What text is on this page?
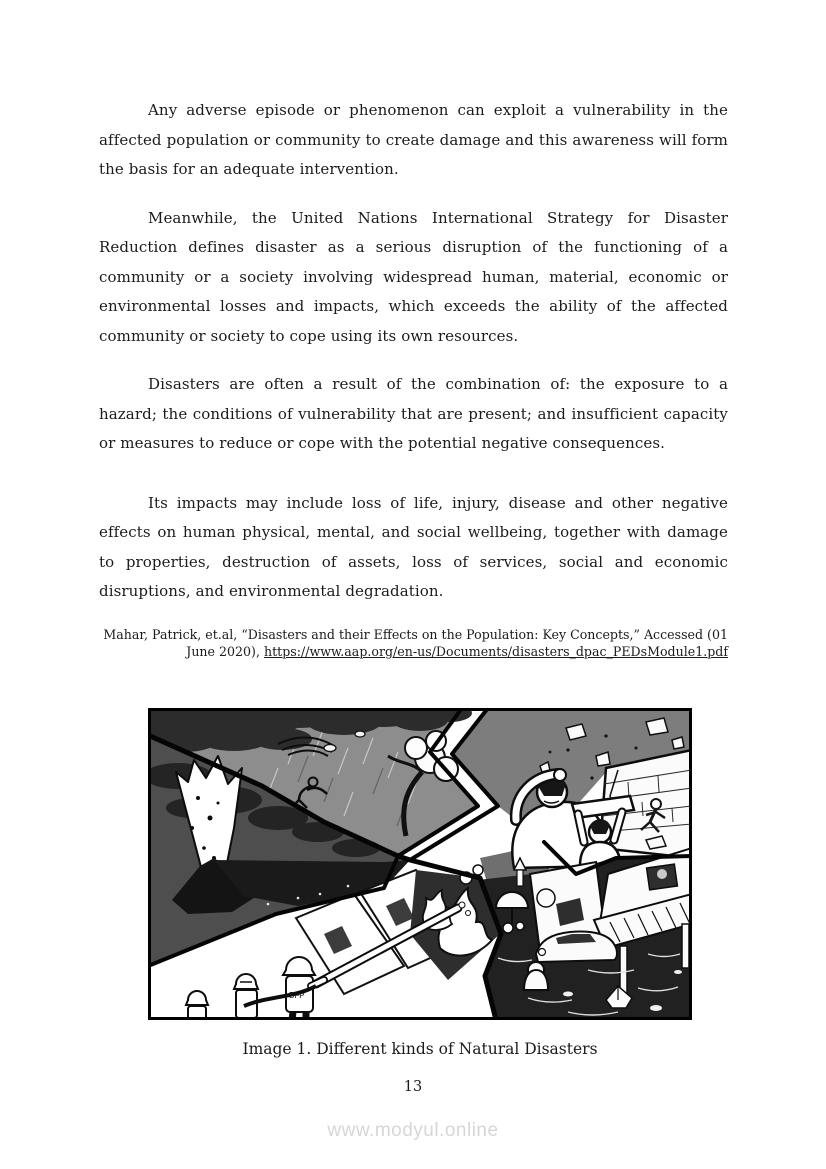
Any adverse episode or phenomenon can exploit a vulnerability in the affected population or community to create damage and this awareness will form the basis for an adequate intervention.

Meanwhile, the United Nations International Strategy for Disaster Reduction defines disaster as a serious disruption of the functioning of a community or a society involving widespread human, material, economic or environmental losses and impacts, which exceeds the ability of the affected community or society to cope using its own resources.

Disasters are often a result of the combination of: the exposure to a hazard; the conditions of vulnerability that are present; and insufficient capacity or measures to reduce or cope with the potential negative consequences.

Its impacts may include loss of life, injury, disease and other negative effects on human physical, mental, and social wellbeing, together with damage to properties, destruction of assets, loss of services, social and economic disruptions, and environmental degradation.

Mahar, Patrick, et.al, “Disasters and their Effects on the Population: Key Concepts,” Accessed (01
June 2020), https://www.aap.org/en-us/Documents/disasters_dpac_PEDsModule1.pdf
BFP
Image 1. Different kinds of Natural Disasters
13
www.modyul.online
